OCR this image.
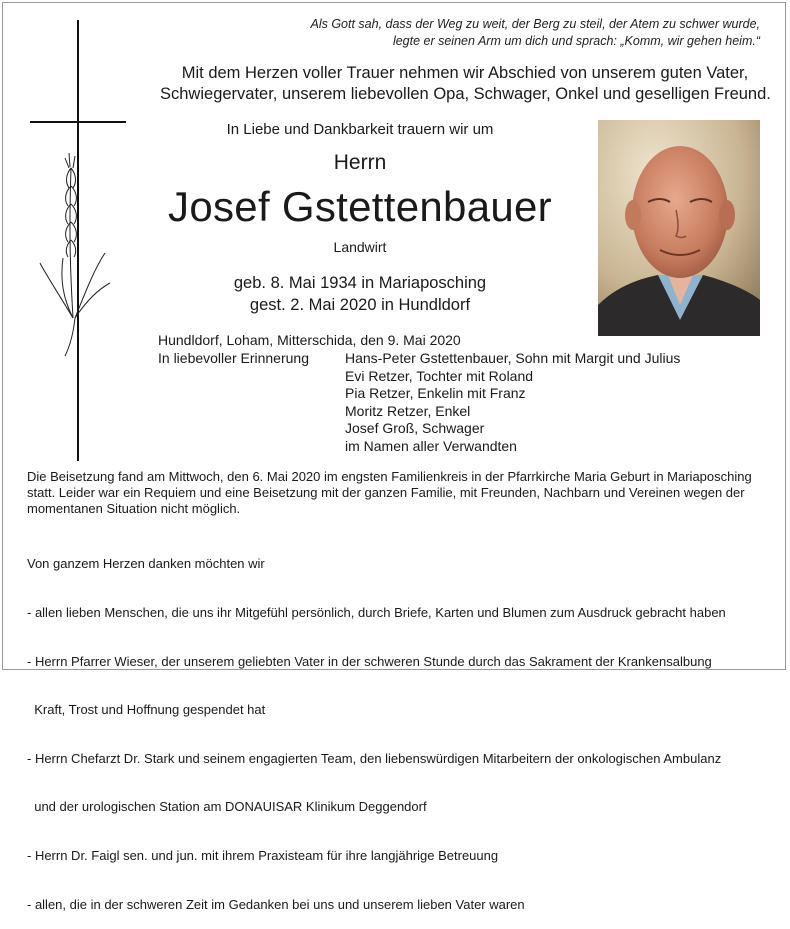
Als Gott sah, dass der Weg zu weit, der Berg zu steil, der Atem zu schwer wurde,
legte er seinen Arm um dich und sprach: „Komm, wir gehen heim.“
Mit dem Herzen voller Trauer nehmen wir Abschied von unserem guten Vater,
Schwiegervater, unserem liebevollen Opa, Schwager, Onkel und geselligen Freund.
In Liebe und Dankbarkeit trauern wir um
Herrn
Josef Gstettenbauer
Landwirt
geb. 8. Mai 1934 in Mariaposching
gest. 2. Mai 2020 in Hundldorf
Hundldorf, Loham, Mitterschida, den 9. Mai 2020
In liebevoller Erinnerung	Hans-Peter Gstettenbauer, Sohn mit Margit und Julius
Evi Retzer, Tochter mit Roland
Pia Retzer, Enkelin mit Franz
Moritz Retzer, Enkel
Josef Groß, Schwager
im Namen aller Verwandten
Die Beisetzung fand am Mittwoch, den 6. Mai 2020 im engsten Familienkreis in der Pfarrkirche Maria Geburt in Mariaposching
statt. Leider war ein Requiem und eine Beisetzung mit der ganzen Familie, mit Freunden, Nachbarn und Vereinen wegen der
momentanen Situation nicht möglich.

Von ganzem Herzen danken möchten wir

- allen lieben Menschen, die uns ihr Mitgefühl persönlich, durch Briefe, Karten und Blumen zum Ausdruck gebracht haben

- Herrn Pfarrer Wieser, der unserem geliebten Vater in der schweren Stunde durch das Sakrament der Krankensalbung

Kraft, Trost und Hoffnung gespendet hat

- Herrn Chefarzt Dr. Stark und seinem engagierten Team, den liebenswürdigen Mitarbeitern der onkologischen Ambulanz

und der urologischen Station am DONAUISAR Klinikum Deggendorf

- Herrn Dr. Faigl sen. und jun. mit ihrem Praxisteam für ihre langjährige Betreuung

- allen, die in der schweren Zeit im Gedanken bei uns und unserem lieben Vater waren
